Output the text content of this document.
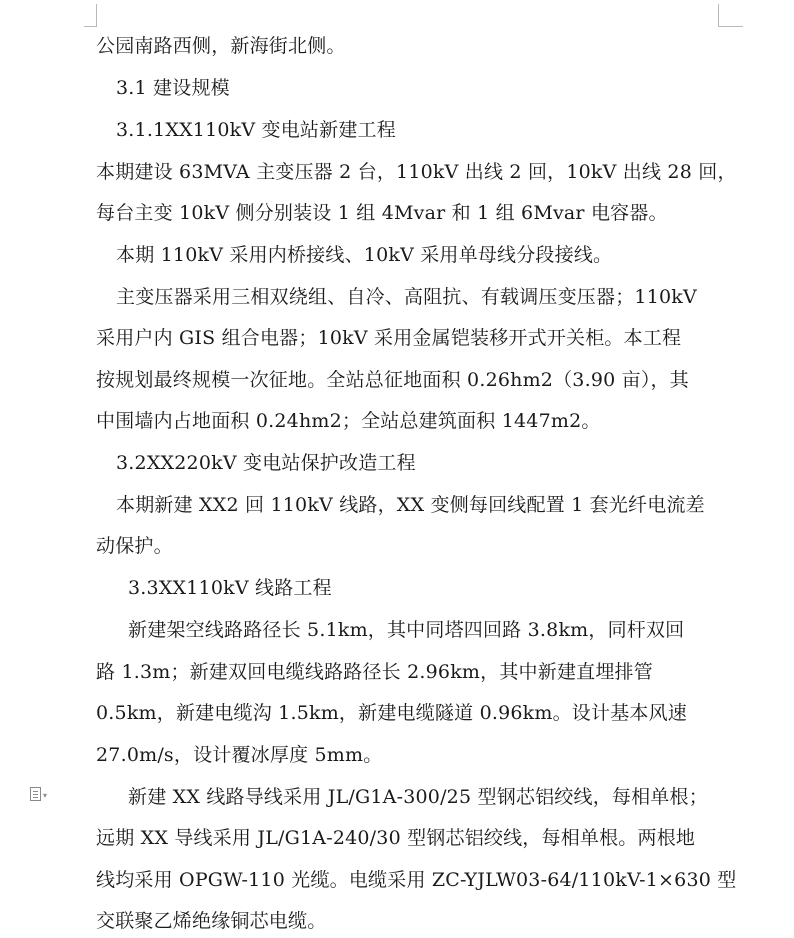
▾
公园南路西侧，新海街北侧。
3.1 建设规模
3.1.1XX110kV 变电站新建工程
本期建设 63MVA 主变压器 2 台，110kV 出线 2 回，10kV 出线 28 回，
每台主变 10kV 侧分别装设 1 组 4Mvar 和 1 组 6Mvar 电容器。
本期 110kV 采用内桥接线、10kV 采用单母线分段接线。
主变压器采用三相双绕组、自冷、高阻抗、有载调压变压器；110kV
采用户内 GIS 组合电器；10kV 采用金属铠装移开式开关柜。本工程
按规划最终规模一次征地。全站总征地面积 0.26hm2（3.90 亩），其
中围墙内占地面积 0.24hm2；全站总建筑面积 1447m2。
3.2XX220kV 变电站保护改造工程
本期新建 XX2 回 110kV 线路，XX 变侧每回线配置 1 套光纤电流差
动保护。
3.3XX110kV 线路工程
新建架空线路路径长 5.1km，其中同塔四回路 3.8km，同杆双回
路 1.3m；新建双回电缆线路路径长 2.96km，其中新建直埋排管
0.5km，新建电缆沟 1.5km，新建电缆隧道 0.96km。设计基本风速
27.0m/s，设计覆冰厚度 5mm。
新建 XX 线路导线采用 JL/G1A-300/25 型钢芯铝绞线，每相单根；
远期 XX 导线采用 JL/G1A-240/30 型钢芯铝绞线，每相单根。两根地
线均采用 OPGW-110 光缆。电缆采用 ZC-YJLW03-64/110kV-1×630 型
交联聚乙烯绝缘铜芯电缆。
